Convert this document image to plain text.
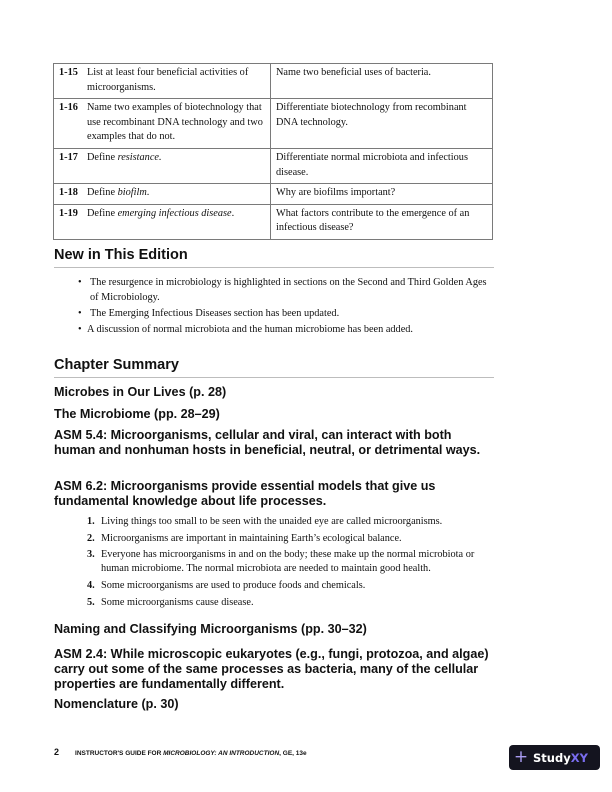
1-15 List at least four beneficial activities of microorganisms.	Name two beneficial uses of bacteria.

1-16 Name two examples of biotechnology that use recombinant DNA technology and two examples that do not.	Differentiate biotechnology from recombinant DNA technology.

1-17 Define resistance.	Differentiate normal microbiota and infectious disease.

1-18 Define biofilm.	Why are biofilms important?

1-19 Define emerging infectious disease.	What factors contribute to the emergence of an infectious disease?
New in This Edition
• The resurgence in microbiology is highlighted in sections on the Second and Third Golden Ages of Microbiology.
• The Emerging Infectious Diseases section has been updated.
• A discussion of normal microbiota and the human microbiome has been added.
Chapter Summary
Microbes in Our Lives (p. 28)
The Microbiome (pp. 28–29)
ASM 5.4: Microorganisms, cellular and viral, can interact with both human and nonhuman hosts in beneficial, neutral, or detrimental ways.
ASM 6.2: Microorganisms provide essential models that give us fundamental knowledge about life processes.
1. Living things too small to be seen with the unaided eye are called microorganisms.
2. Microorganisms are important in maintaining Earth’s ecological balance.
3. Everyone has microorganisms in and on the body; these make up the normal microbiota or human microbiome. The normal microbiota are needed to maintain good health.
4. Some microorganisms are used to produce foods and chemicals.
5. Some microorganisms cause disease.
Naming and Classifying Microorganisms (pp. 30–32)
ASM 2.4: While microscopic eukaryotes (e.g., fungi, protozoa, and algae) carry out some of the same processes as bacteria, many of the cellular properties are fundamentally different.
Nomenclature (p. 30)
2 INSTRUCTOR'S GUIDE FOR MICROBIOLOGY: AN INTRODUCTION, GE, 13e	+ StudyXY
